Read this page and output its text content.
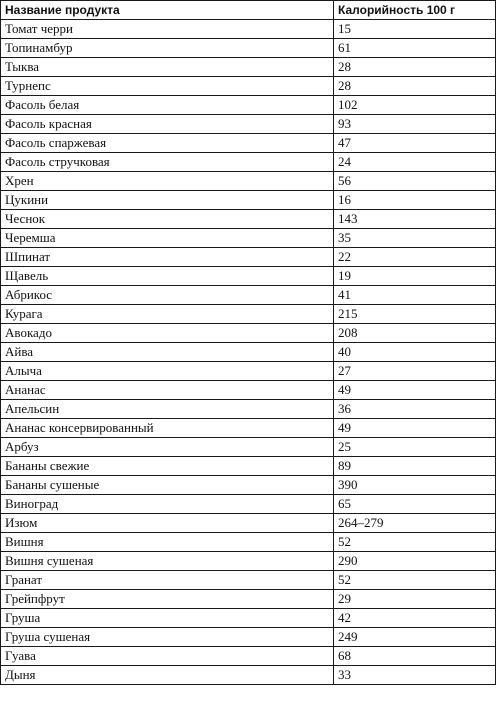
Название продукта	Калорийность 100 г
Томат черри	15
Топинамбур	61
Тыква	28
Турнепс	28
Фасоль белая	102
Фасоль красная	93
Фасоль спаржевая	47
Фасоль стручковая	24
Хрен	56
Цукини	16
Чеснок	143
Черемша	35
Шпинат	22
Щавель	19
Абрикос	41
Курага	215
Авокадо	208
Айва	40
Алыча	27
Ананас	49
Апельсин	36
Ананас консервированный	49
Арбуз	25
Бананы свежие	89
Бананы сушеные	390
Виноград	65
Изюм	264–279
Вишня	52
Вишня сушеная	290
Гранат	52
Грейпфрут	29
Груша	42
Груша сушеная	249
Гуава	68
Дыня	33
